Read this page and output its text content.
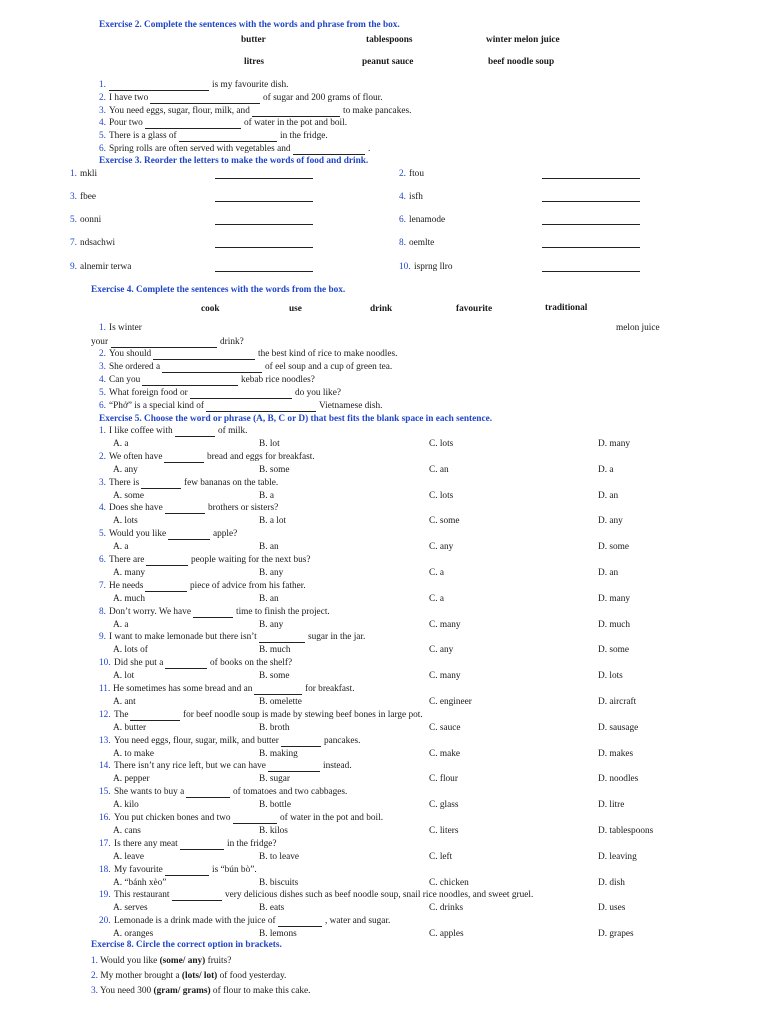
Exercise 2. Complete the sentences with the words and phrase from the box.
butter	tablespoons	winter melon juice
litres	peanut sauce	beef noodle soup
1.	is my favourite dish.
2. I have two	of sugar and 200 grams of flour.
3. You need eggs, sugar, flour, milk, and	to make pancakes.
4. Pour two	of water in the pot and boil.
5. There is a glass of	in the fridge.
6. Spring rolls are often served with vegetables and	.
Exercise 3. Reorder the letters to make the words of food and drink.
1. mkli	2. ftou
3. fbee	4. isfh
5. oonni	6. lenamode
7. ndsachwi	8. oemlte
9. alnemir terwa	10. isprng llro
Exercise 4. Complete the sentences with the words from the box.
cook	use	drink	favourite	traditional
1. Is winter	melon juice
your	drink?
2. You should	the best kind of rice to make noodles.
3. She ordered a	of eel soup and a cup of green tea.
4. Can you	kebab rice noodles?
5. What foreign food or	do you like?
6. “Phở” is a special kind of	Vietnamese dish.
Exercise 5. Choose the word or phrase (A, B, C or D) that best fits the blank space in each sentence.
1. I like coffee with	of milk.
A. a	B. lot	C. lots	D. many
2. We often have	bread and eggs for breakfast.
A. any	B. some	C. an	D. a
3. There is	few bananas on the table.
A. some	B. a	C. lots	D. an
4. Does she have	brothers or sisters?
A. lots	B. a lot	C. some	D. any
5. Would you like	apple?
A. a	B. an	C. any	D. some
6. There are	people waiting for the next bus?
A. many	B. any	C. a	D. an
7. He needs	piece of advice from his father.
A. much	B. an	C. a	D. many
8. Don’t worry. We have	time to finish the project.
A. a	B. any	C. many	D. much
9. I want to make lemonade but there isn’t	sugar in the jar.
A. lots of	B. much	C. any	D. some
10. Did she put a	of books on the shelf?
A. lot	B. some	C. many	D. lots
11. He sometimes has some bread and an	for breakfast.
A. ant	B. omelette	C. engineer	D. aircraft
12. The	for beef noodle soup is made by stewing beef bones in large pot.
A. butter	B. broth	C. sauce	D. sausage
13. You need eggs, flour, sugar, milk, and butter	pancakes.
A. to make	B. making	C. make	D. makes
14. There isn’t any rice left, but we can have	instead.
A. pepper	B. sugar	C. flour	D. noodles
15. She wants to buy a	of tomatoes and two cabbages.
A. kilo	B. bottle	C. glass	D. litre
16. You put chicken bones and two	of water in the pot and boil.
A. cans	B. kilos	C. liters	D. tablespoons
17. Is there any meat	in the fridge?
A. leave	B. to leave	C. left	D. leaving
18. My favourite	is “bún bò”.
A. “bánh xèo”	B. biscuits	C. chicken	D. dish
19. This restaurant	very delicious dishes such as beef noodle soup, snail rice noodles, and sweet gruel.
A. serves	B. eats	C. drinks	D. uses
20. Lemonade is a drink made with the juice of	, water and sugar.
A. oranges	B. lemons	C. apples	D. grapes
Exercise 8. Circle the correct option in brackets.
1. Would you like (some/ any) fruits?
2. My mother brought a (lots/ lot) of food yesterday.
3. You need 300 (gram/ grams) of flour to make this cake.
